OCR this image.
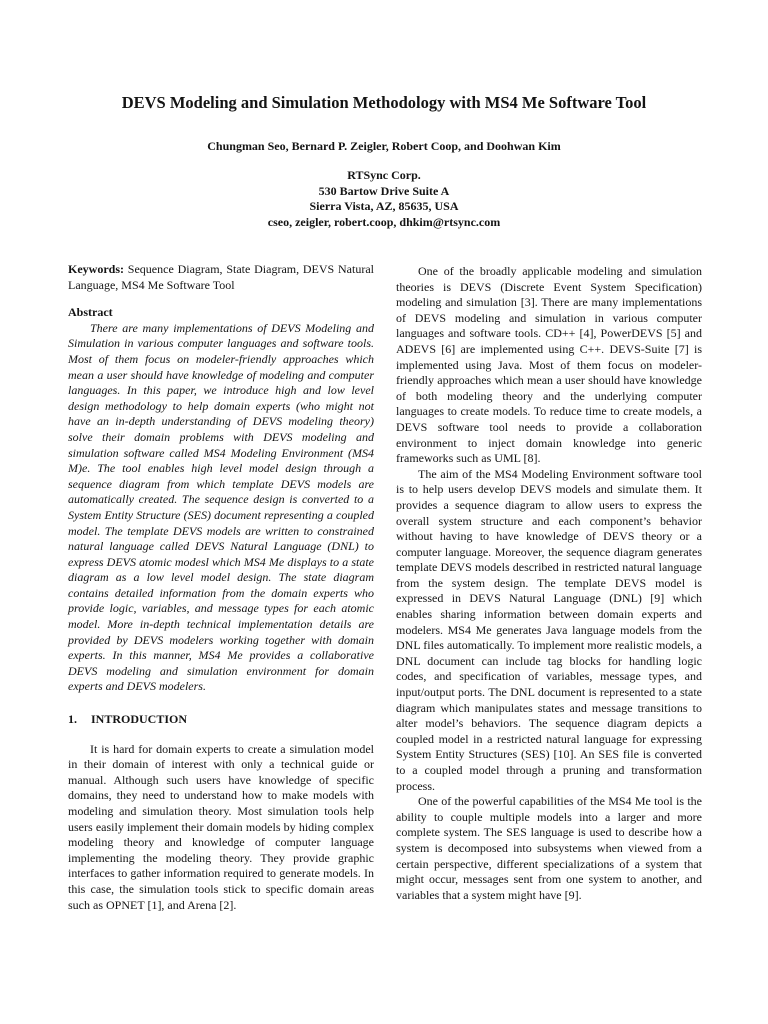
DEVS Modeling and Simulation Methodology with MS4 Me Software Tool
Chungman Seo, Bernard P. Zeigler, Robert Coop, and Doohwan Kim
RTSync Corp.
530 Bartow Drive Suite A
Sierra Vista, AZ, 85635, USA
cseo, zeigler, robert.coop, dhkim@rtsync.com

Keywords: Sequence Diagram, State Diagram, DEVS Natural Language, MS4 Me Software Tool

Abstract

There are many implementations of DEVS Modeling and Simulation in various computer languages and software tools. Most of them focus on modeler-friendly approaches which mean a user should have knowledge of modeling and computer languages. In this paper, we introduce high and low level design methodology to help domain experts (who might not have an in-depth understanding of DEVS modeling theory) solve their domain problems with DEVS modeling and simulation software called MS4 Modeling Environment (MS4 M)e. The tool enables high level model design through a sequence diagram from which template DEVS models are automatically created. The sequence design is converted to a System Entity Structure (SES) document representing a coupled model. The template DEVS models are written to constrained natural language called DEVS Natural Language (DNL) to express DEVS atomic modesl which MS4 Me displays to a state diagram as a low level model design. The state diagram contains detailed information from the domain experts who provide logic, variables, and message types for each atomic model. More in-depth technical implementation details are provided by DEVS modelers working together with domain experts. In this manner, MS4 Me provides a collaborative DEVS modeling and simulation environment for domain experts and DEVS modelers.

1. INTRODUCTION

It is hard for domain experts to create a simulation model in their domain of interest with only a technical guide or manual. Although such users have knowledge of specific domains, they need to understand how to make models with modeling and simulation theory. Most simulation tools help users easily implement their domain models by hiding complex modeling theory and knowledge of computer language implementing the modeling theory. They provide graphic interfaces to gather information required to generate models. In this case, the simulation tools stick to specific domain areas such as OPNET [1], and Arena [2].

One of the broadly applicable modeling and simulation theories is DEVS (Discrete Event System Specification) modeling and simulation [3]. There are many implementations of DEVS modeling and simulation in various computer languages and software tools. CD++ [4], PowerDEVS [5] and ADEVS [6] are implemented using C++. DEVS-Suite [7] is implemented using Java. Most of them focus on modeler-friendly approaches which mean a user should have knowledge of both modeling theory and the underlying computer languages to create models. To reduce time to create models, a DEVS software tool needs to provide a collaboration environment to inject domain knowledge into generic frameworks such as UML [8].

The aim of the MS4 Modeling Environment software tool is to help users develop DEVS models and simulate them. It provides a sequence diagram to allow users to express the overall system structure and each component’s behavior without having to have knowledge of DEVS theory or a computer language. Moreover, the sequence diagram generates template DEVS models described in restricted natural language from the system design. The template DEVS model is expressed in DEVS Natural Language (DNL) [9] which enables sharing information between domain experts and modelers. MS4 Me generates Java language models from the DNL files automatically. To implement more realistic models, a DNL document can include tag blocks for handling logic codes, and specification of variables, message types, and input/output ports. The DNL document is represented to a state diagram which manipulates states and message transitions to alter model’s behaviors. The sequence diagram depicts a coupled model in a restricted natural language for expressing System Entity Structures (SES) [10]. An SES file is converted to a coupled model through a pruning and transformation process.

One of the powerful capabilities of the MS4 Me tool is the ability to couple multiple models into a larger and more complete system. The SES language is used to describe how a system is decomposed into subsystems when viewed from a certain perspective, different specializations of a system that might occur, messages sent from one system to another, and variables that a system might have [9].
